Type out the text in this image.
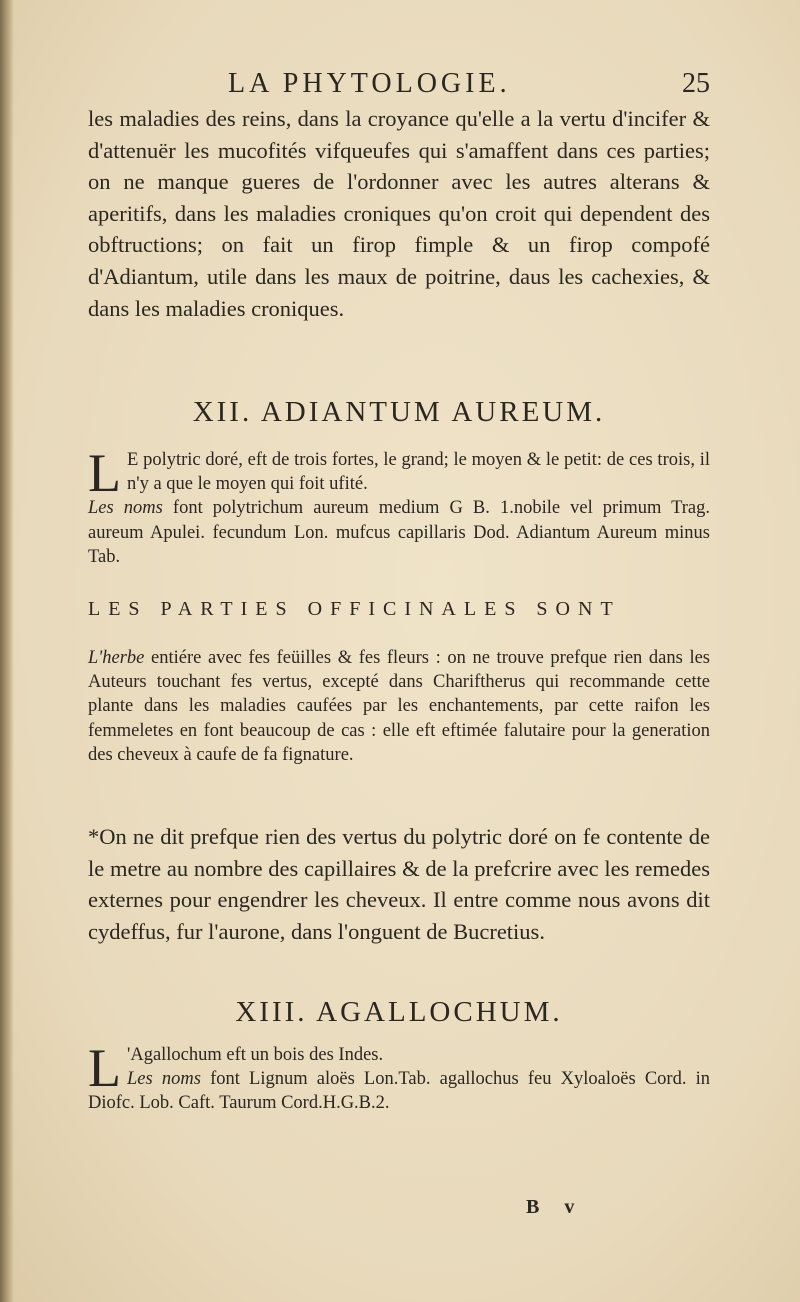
LA PHYTOLOGIE.	25
les maladies des reins, dans la croyance qu'elle a la vertu d'incifer & d'attenuër les mucofités vifqueufes qui s'amaffent dans ces parties; on ne manque gueres de l'ordonner avec les autres alterans & aperitifs, dans les maladies croniques qu'on croit qui dependent des obftructions; on fait un firop fimple & un firop compofé d'Adiantum, utile dans les maux de poitrine, daus les cachexies, & dans les maladies croniques.
XII. ADIANTUM AUREUM.
L E polytric doré, eft de trois fortes, le grand; le moyen & le petit: de ces trois, il n'y a que le moyen qui foit ufité.
Les noms font polytrichum aureum medium G B. 1.nobile vel primum Trag. aureum Apulei. fecundum Lon. mufcus capillaris Dod. Adiantum Aureum minus Tab.
LES PARTIES OFFICINALES SONT
L'herbe entiére avec fes feüilles & fes fleurs : on ne trouve prefque rien dans les Auteurs touchant fes vertus, excepté dans Chariftherus qui recommande cette plante dans les maladies caufées par les enchantements, par cette raifon les femmeletes en font beaucoup de cas : elle eft eftimée falutaire pour la generation des cheveux à caufe de fa fignature.
*On ne dit prefque rien des vertus du polytric doré on fe contente de le metre au nombre des capillaires & de la prefcrire avec les remedes externes pour engendrer les cheveux. Il entre comme nous avons dit cydeffus, fur l'aurone, dans l'onguent de Bucretius.
XIII. AGALLOCHUM.
L 'Agallochum eft un bois des Indes.
Les noms font Lignum aloës Lon.Tab. agallochus feu Xyloaloës Cord. in Diofc. Lob. Caft. Taurum Cord.H.G.B.2.
B v
